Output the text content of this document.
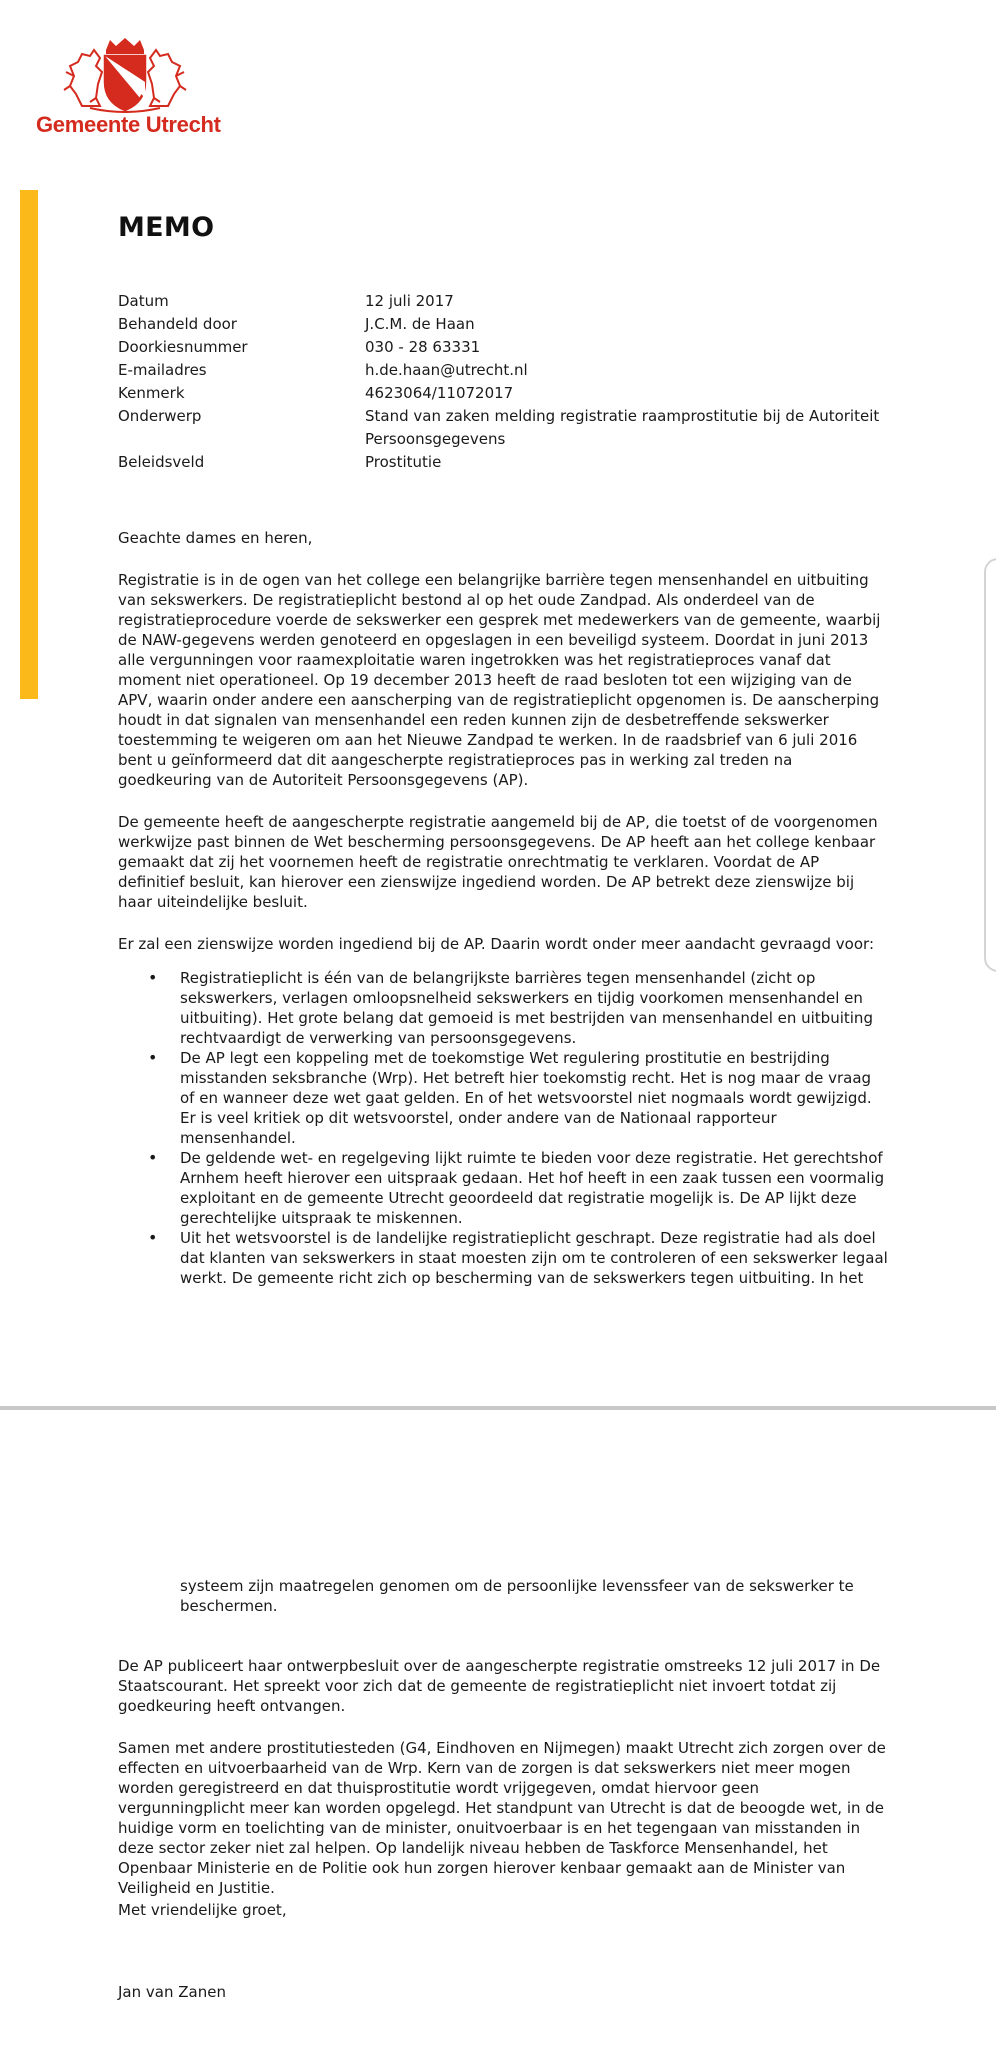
Gemeente Utrecht
MEMO
Datum	12 juli 2017
Behandeld door	J.C.M. de Haan
Doorkiesnummer	030 - 28 63331
E-mailadres	h.de.haan@utrecht.nl
Kenmerk	4623064/11072017
Onderwerp	Stand van zaken melding registratie raamprostitutie bij de Autoriteit Persoonsgegevens
Beleidsveld	Prostitutie

Geachte dames en heren,

Registratie is in de ogen van het college een belangrijke barrière tegen mensenhandel en uitbuiting van sekswerkers. De registratieplicht bestond al op het oude Zandpad. Als onderdeel van de registratieprocedure voerde de sekswerker een gesprek met medewerkers van de gemeente, waarbij de NAW-gegevens werden genoteerd en opgeslagen in een beveiligd systeem. Doordat in juni 2013 alle vergunningen voor raamexploitatie waren ingetrokken was het registratieproces vanaf dat moment niet operationeel. Op 19 december 2013 heeft de raad besloten tot een wijziging van de APV, waarin onder andere een aanscherping van de registratieplicht opgenomen is. De aanscherping houdt in dat signalen van mensenhandel een reden kunnen zijn de desbetreffende sekswerker toestemming te weigeren om aan het Nieuwe Zandpad te werken. In de raadsbrief van 6 juli 2016 bent u geïnformeerd dat dit aangescherpte registratieproces pas in werking zal treden na goedkeuring van de Autoriteit Persoonsgegevens (AP).

De gemeente heeft de aangescherpte registratie aangemeld bij de AP, die toetst of de voorgenomen werkwijze past binnen de Wet bescherming persoonsgegevens. De AP heeft aan het college kenbaar gemaakt dat zij het voornemen heeft de registratie onrechtmatig te verklaren. Voordat de AP definitief besluit, kan hierover een zienswijze ingediend worden. De AP betrekt deze zienswijze bij haar uiteindelijke besluit.

Er zal een zienswijze worden ingediend bij de AP. Daarin wordt onder meer aandacht gevraagd voor:

• Registratieplicht is één van de belangrijkste barrières tegen mensenhandel (zicht op sekswerkers, verlagen omloopsnelheid sekswerkers en tijdig voorkomen mensenhandel en uitbuiting). Het grote belang dat gemoeid is met bestrijden van mensenhandel en uitbuiting rechtvaardigt de verwerking van persoonsgegevens.
• De AP legt een koppeling met de toekomstige Wet regulering prostitutie en bestrijding misstanden seksbranche (Wrp). Het betreft hier toekomstig recht. Het is nog maar de vraag of en wanneer deze wet gaat gelden. En of het wetsvoorstel niet nogmaals wordt gewijzigd. Er is veel kritiek op dit wetsvoorstel, onder andere van de Nationaal rapporteur mensenhandel.
• De geldende wet- en regelgeving lijkt ruimte te bieden voor deze registratie. Het gerechtshof Arnhem heeft hierover een uitspraak gedaan. Het hof heeft in een zaak tussen een voormalig exploitant en de gemeente Utrecht geoordeeld dat registratie mogelijk is. De AP lijkt deze gerechtelijke uitspraak te miskennen.
• Uit het wetsvoorstel is de landelijke registratieplicht geschrapt. Deze registratie had als doel dat klanten van sekswerkers in staat moesten zijn om te controleren of een sekswerker legaal werkt. De gemeente richt zich op bescherming van de sekswerkers tegen uitbuiting. In het

systeem zijn maatregelen genomen om de persoonlijke levenssfeer van de sekswerker te beschermen.

De AP publiceert haar ontwerpbesluit over de aangescherpte registratie omstreeks 12 juli 2017 in De Staatscourant. Het spreekt voor zich dat de gemeente de registratieplicht niet invoert totdat zij goedkeuring heeft ontvangen.

Samen met andere prostitutiesteden (G4, Eindhoven en Nijmegen) maakt Utrecht zich zorgen over de effecten en uitvoerbaarheid van de Wrp. Kern van de zorgen is dat sekswerkers niet meer mogen worden geregistreerd en dat thuisprostitutie wordt vrijgegeven, omdat hiervoor geen vergunningplicht meer kan worden opgelegd. Het standpunt van Utrecht is dat de beoogde wet, in de huidige vorm en toelichting van de minister, onuitvoerbaar is en het tegengaan van misstanden in deze sector zeker niet zal helpen. Op landelijk niveau hebben de Taskforce Mensenhandel, het Openbaar Ministerie en de Politie ook hun zorgen hierover kenbaar gemaakt aan de Minister van Veiligheid en Justitie.

Met vriendelijke groet,

Jan van Zanen
